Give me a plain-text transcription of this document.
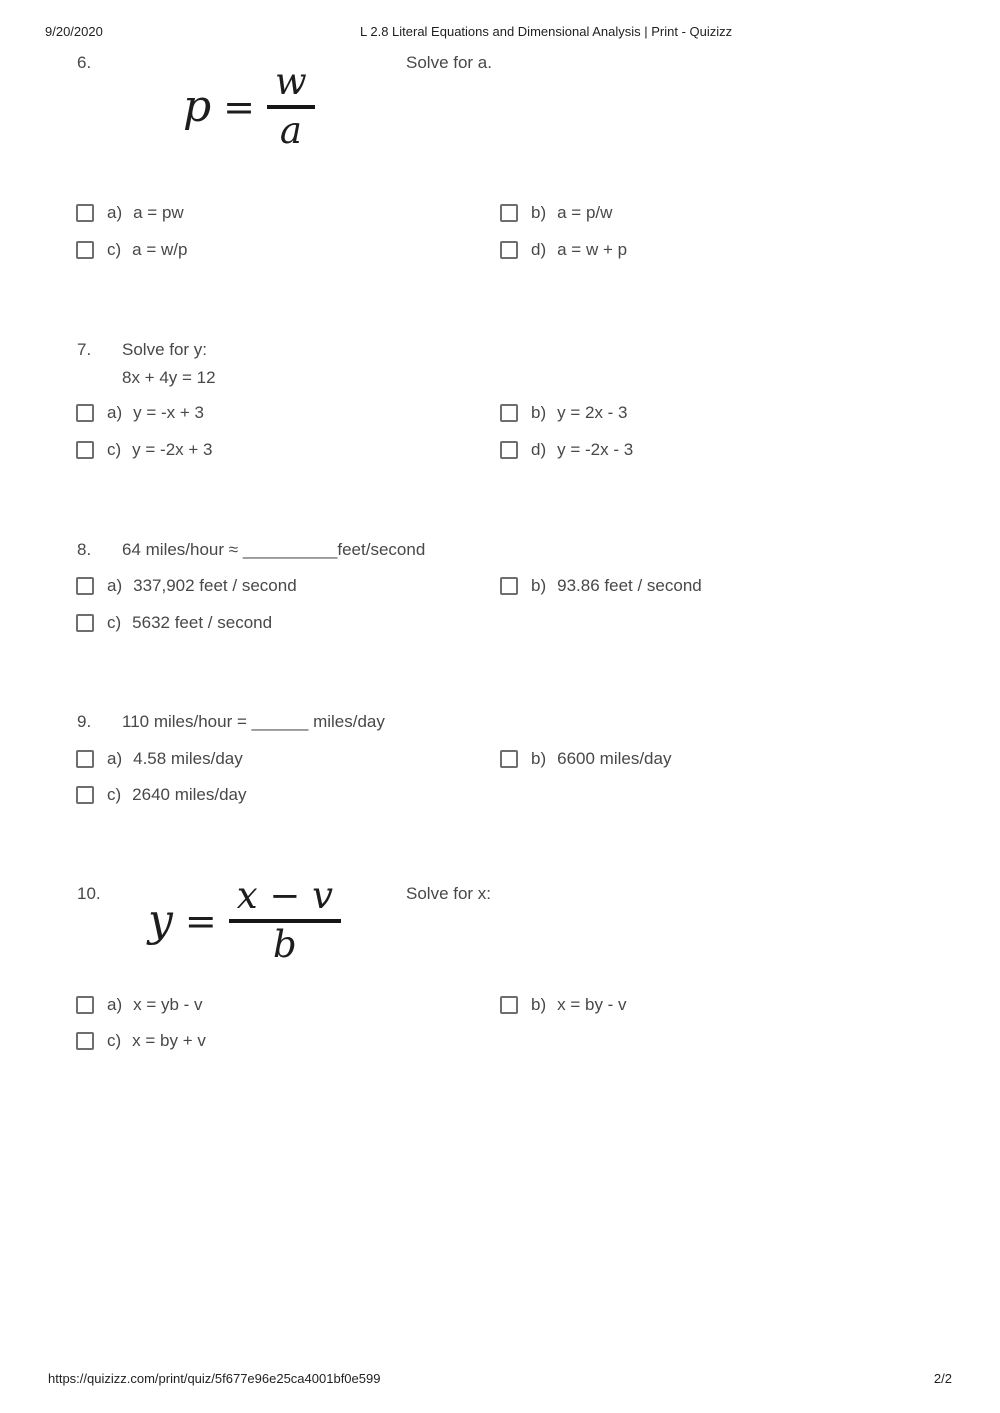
9/20/2020	L 2.8 Literal Equations and Dimensional Analysis | Print - Quizizz
6.
$p = \frac{w}{a}$	Solve for a.
a) a = pw	b) a = p/w
c) a = w/p	d) a = w + p
7. Solve for y:
8x + 4y = 12
a) y = -x + 3	b) y = 2x - 3
c) y = -2x + 3	d) y = -2x - 3
8. 64 miles/hour ≈ __________feet/second
a) 337,902 feet / second	b) 93.86 feet / second
c) 5632 feet / second
9. 110 miles/hour = ______ miles/day
a) 4.58 miles/day	b) 6600 miles/day
c) 2640 miles/day
10.
$y = \frac{x - v}{b}$	Solve for x:
a) x = yb - v	b) x = by - v
c) x = by + v
https://quizizz.com/print/quiz/5f677e96e25ca4001bf0e599	2/2
